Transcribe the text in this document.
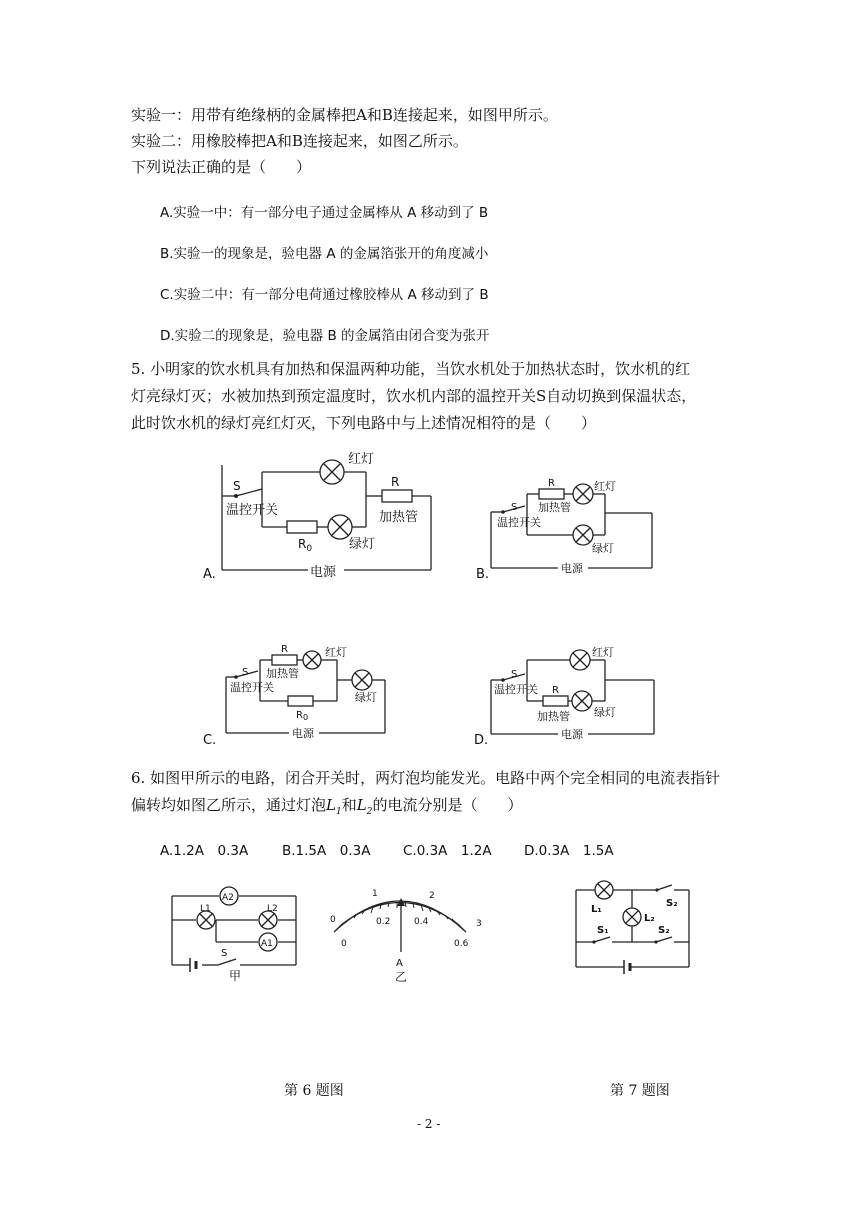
实验一：用带有绝缘柄的金属棒把A和B连接起来，如图甲所示。
实验二：用橡胶棒把A和B连接起来，如图乙所示。
下列说法正确的是（　　）
A.实验一中：有一部分电子通过金属棒从 A 移动到了 B
B.实验一的现象是，验电器 A 的金属箔张开的角度减小
C.实验二中：有一部分电荷通过橡胶棒从 A 移动到了 B
D.实验二的现象是，验电器 B 的金属箔由闭合变为张开
5. 小明家的饮水机具有加热和保温两种功能，当饮水机处于加热状态时，饮水机的红
灯亮绿灯灭；水被加热到预定温度时，饮水机内部的温控开关S自动切换到保温状态，
此时饮水机的绿灯亮红灯灭，下列电路中与上述情况相符的是（　　）
S
温控开关
红灯
R
加热管
$R_0$	绿灯
电源
A.
S
温控开关
R
加热管
红灯
绿灯
电源
B.
S
温控开关
R
加热管
红灯
$R_0$
绿灯
电源
C.
S
温控开关
红灯
R
加热管 绿灯
电源
D.
6. 如图甲所示的电路，闭合开关时，两灯泡均能发光。电路中两个完全相同的电流表指针
偏转均如图乙所示，通过灯泡$L_1$和$L_2$的电流分别是（　　）
A.1.2A　0.3A	B.1.5A　0.3A C.0.3A　1.2A D.0.3A　1.5A
A2
A1
L1	L2
S
甲
0
1	2
3
0
0.2	0.4
0.6
A
乙
L₁
L₂
S₂
S₁	S₂
第 6 题图	第 7 题图
- 2 -
